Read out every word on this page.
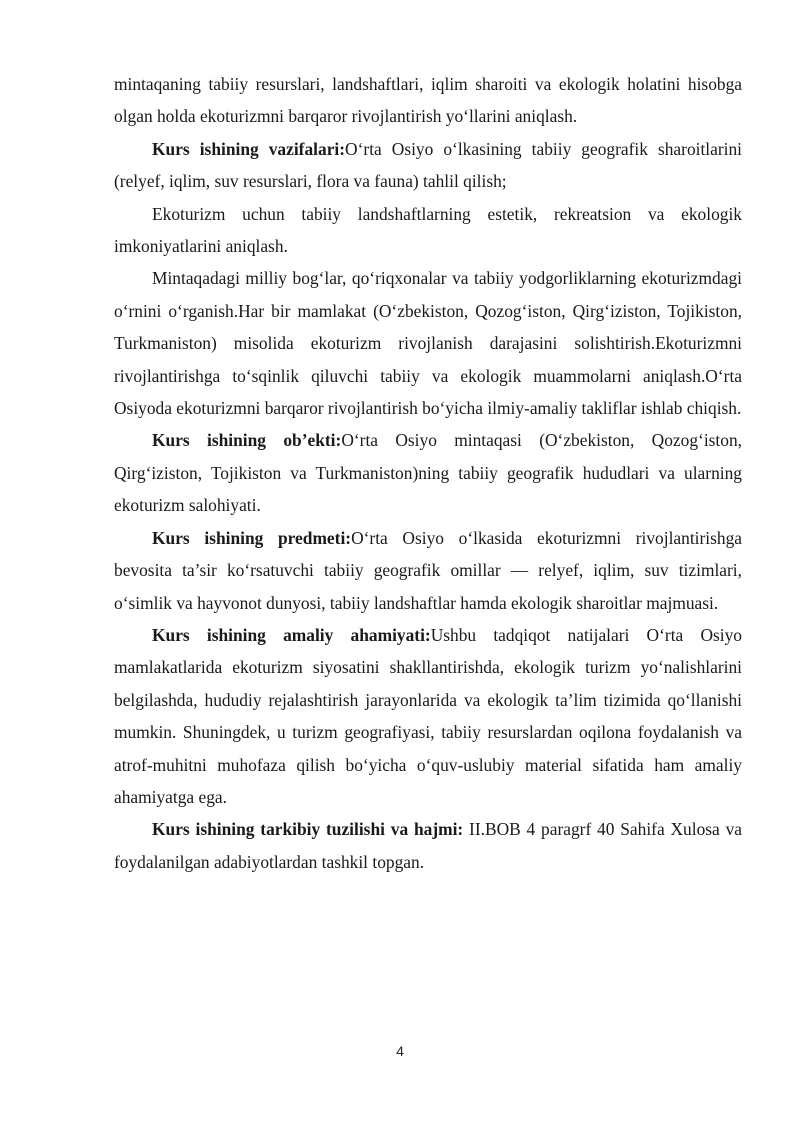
mintaqaning tabiiy resurslari, landshaftlari, iqlim sharoiti va ekologik holatini hisobga olgan holda ekoturizmni barqaror rivojlantirish yo‘llarini aniqlash.

Kurs ishining vazifalari:O‘rta Osiyo o‘lkasining tabiiy geografik sharoitlarini (relyef, iqlim, suv resurslari, flora va fauna) tahlil qilish;

Ekoturizm uchun tabiiy landshaftlarning estetik, rekreatsion va ekologik imkoniyatlarini aniqlash.

Mintaqadagi milliy bog‘lar, qo‘riqxonalar va tabiiy yodgorliklarning ekoturizmdagi o‘rnini o‘rganish.Har bir mamlakat (O‘zbekiston, Qozog‘iston, Qirg‘iziston, Tojikiston, Turkmaniston) misolida ekoturizm rivojlanish darajasini solishtirish.Ekoturizmni rivojlantirishga to‘sqinlik qiluvchi tabiiy va ekologik muammolarni aniqlash.O‘rta Osiyoda ekoturizmni barqaror rivojlantirish bo‘yicha ilmiy-amaliy takliflar ishlab chiqish.

Kurs ishining ob’ekti:O‘rta Osiyo mintaqasi (O‘zbekiston, Qozog‘iston, Qirg‘iziston, Tojikiston va Turkmaniston)ning tabiiy geografik hududlari va ularning ekoturizm salohiyati.

Kurs ishining predmeti:O‘rta Osiyo o‘lkasida ekoturizmni rivojlantirishga bevosita ta’sir ko‘rsatuvchi tabiiy geografik omillar — relyef, iqlim, suv tizimlari, o‘simlik va hayvonot dunyosi, tabiiy landshaftlar hamda ekologik sharoitlar majmuasi.

Kurs ishining amaliy ahamiyati:Ushbu tadqiqot natijalari O‘rta Osiyo mamlakatlarida ekoturizm siyosatini shakllantirishda, ekologik turizm yo‘nalishlarini belgilashda, hududiy rejalashtirish jarayonlarida va ekologik ta’lim tizimida qo‘llanishi mumkin. Shuningdek, u turizm geografiyasi, tabiiy resurslardan oqilona foydalanish va atrof-muhitni muhofaza qilish bo‘yicha o‘quv-uslubiy material sifatida ham amaliy ahamiyatga ega.

Kurs ishining tarkibiy tuzilishi va hajmi: II.BOB 4 paragrf 40 Sahifa Xulosa va foydalanilgan adabiyotlardan tashkil topgan.

4
